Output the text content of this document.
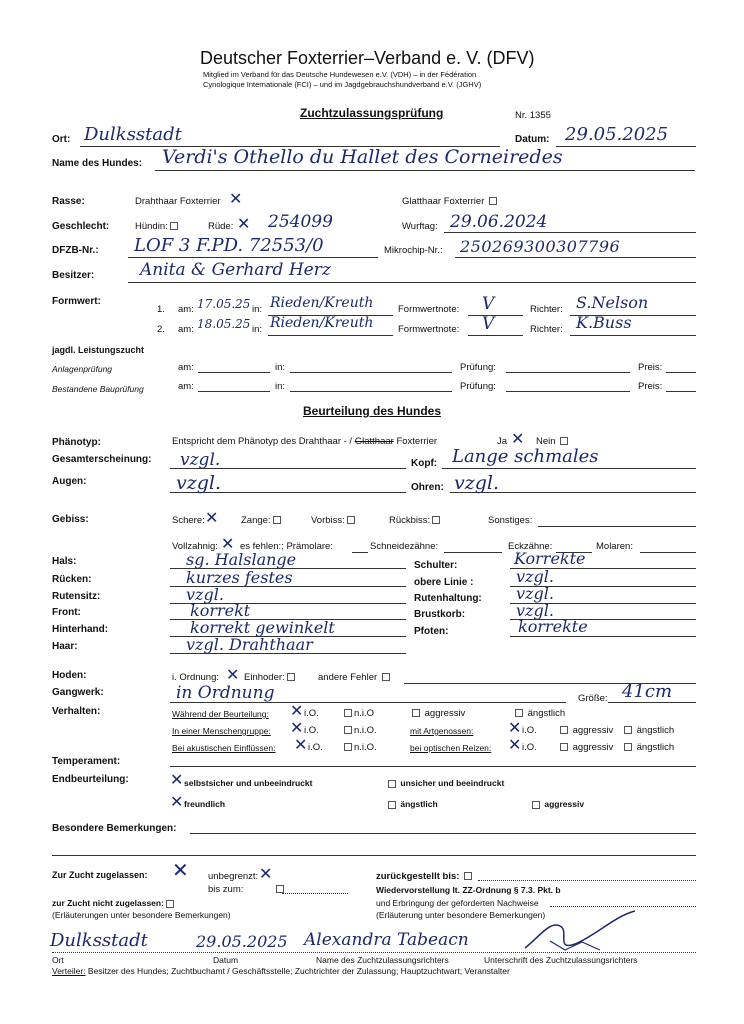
Deutscher Foxterrier–Verband e. V. (DFV)
Mitglied im Verband für das Deutsche Hundewesen e.V. (VDH) – in der Fédération
Cynologique Internationale (FCI) – und im Jagdgebrauchshundverband e.V. (JGHV)
Zuchtzulassungsprüfung	Nr. 1355
Ort: Dulksstadt	Datum: 29.05.2025
Name des Hundes: Verdi's Othello du Hallet des Corneiredes
Rasse:	Drahthaar Foxterrier ✕	Glatthaar Foxterrier
Geschlecht:	Hündin:	Rüde: ✕ 254099	Wurftag: 29.06.2024
DFZB-Nr.: LOF 3 F.PD. 72553/0	Mikrochip-Nr.: 250269300307796
Besitzer:	Anita & Gerhard Herz
Formwert:
1. am: 17.05.25 in: Rieden/Kreuth	Formwertnote: V	Richter: S.Nelson
2. am: 18.05.25 in: Rieden/Kreuth	Formwertnote: V	Richter: K.Buss
jagdl. Leistungszucht
Anlagenprüfung	am:	in:	Prüfung:	Preis:
Bestandene Bauprüfung	am:	in:	Prüfung:	Preis:
Beurteilung des Hundes
Phänotyp:	Entspricht dem Phänotyp des Drahthaar - / Glatthaar Foxterrier	Ja ✕ Nein
Gesamterscheinung: vzgl.	Kopf: Lange schmales
Augen:	vzgl.	Ohren: vzgl.
Gebiss:	Schere: ✕ Zange:	Vorbiss:	Rückbiss:	Sonstiges:
Vollzahnig: ✕ es fehlen:; Prämolare:	Schneidezähne:	Eckzähne:	Molaren:
Hals:	sg. Halslange	Schulter:	Korrekte
Rücken:	kurzes festes	obere Linie :	vzgl.
Rutensitz:	vzgl.	Rutenhaltung: vzgl.
Front:	korrekt	Brustkorb:	vzgl.
Hinterhand:	korrekt gewinkelt	Pfoten:	korrekte
Haar:	vzgl. Drahthaar
Hoden:	i. Ordnung: ✕ Einhoder:	andere Fehler
Gangwerk:	in Ordnung	Größe: 41cm
Verhalten:	Während der Beurteilung: ✕ i.O.	n.i.O	aggressiv	ängstlich
In einer Menschengruppe: ✕ i.O.	n.i.O.	mit Artgenossen: ✕ i.O.	aggressiv	ängstlich
Bei akustischen Einflüssen: ✕ i.O.	n.i.O.	bei optischen Reizen: ✕ i.O.	aggressiv	ängstlich
Temperament:
Endbeurteilung:	✕ selbstsicher und unbeeindruckt	unsicher und beeindruckt
✕ freundlich	ängstlich	aggressiv
Besondere Bemerkungen:
Zur Zucht zugelassen: ✕ unbegrenzt: ✕
bis zum:
zurückgestellt bis:
Wiedervorstellung lt. ZZ-Ordnung § 7.3. Pkt. b
zur Zucht nicht zugelassen:
(Erläuterungen unter besondere Bemerkungen)
und Erbringung der geforderten Nachweise
(Erläuterung unter besondere Bemerkungen)
Dulksstadt	29.05.2025 Alexandra Tabeacn
Ort	Datum	Name des Zuchtzulassungsrichters	Unterschrift des Zuchtzulassungsrichters
Verteiler: Besitzer des Hundes; Zuchtbuchamt / Geschäftsstelle; Zuchtrichter der Zulassung; Hauptzuchtwart; Veranstalter
